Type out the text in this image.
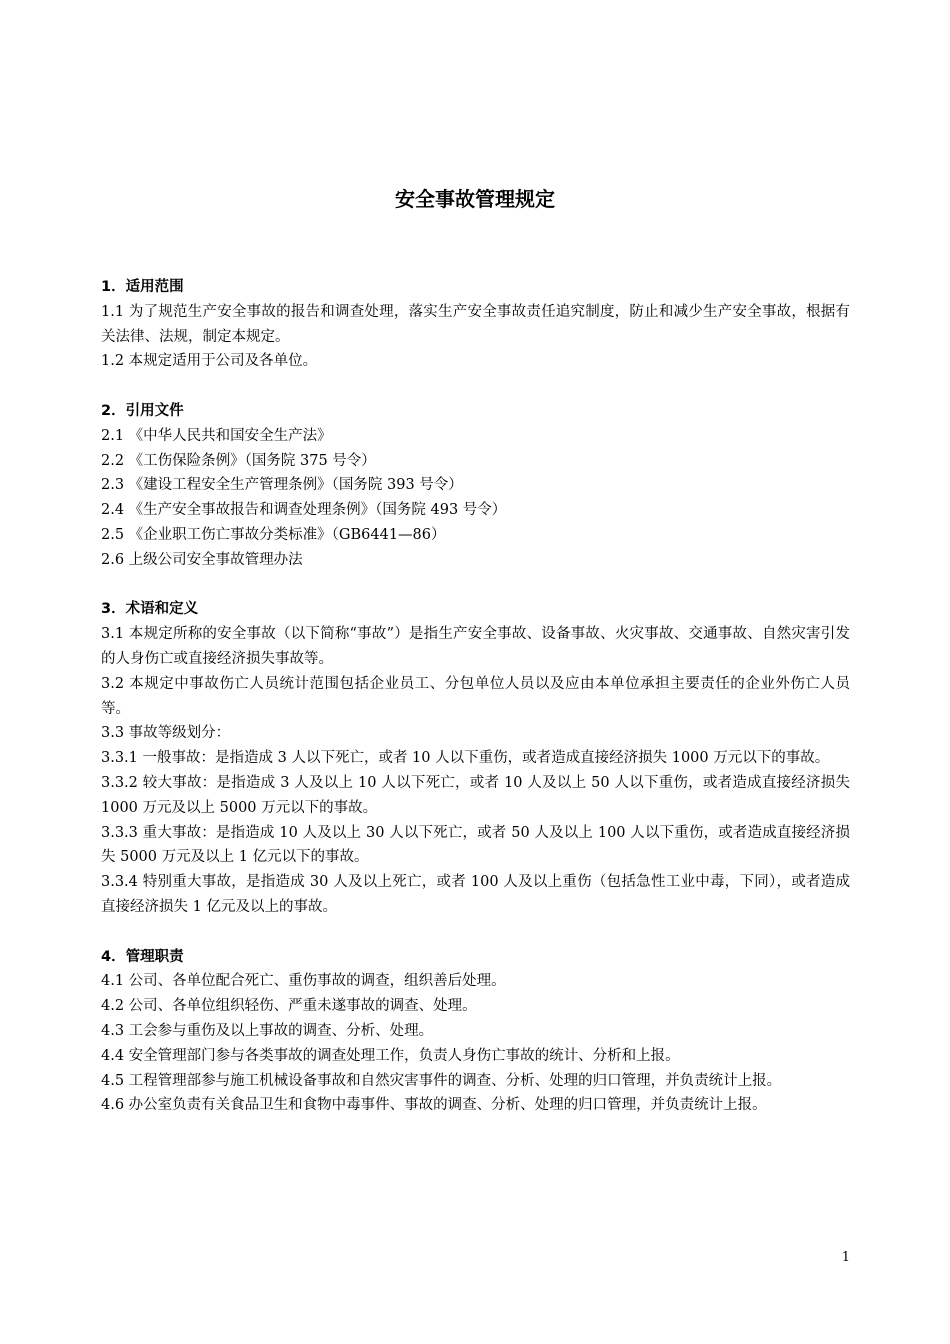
安全事故管理规定
1．适用范围
1.1 为了规范生产安全事故的报告和调查处理，落实生产安全事故责任追究制度，防止和减少生产安全事故，根据有关法律、法规，制定本规定。
1.2 本规定适用于公司及各单位。
2．引用文件
2.1 《中华人民共和国安全生产法》
2.2 《工伤保险条例》（国务院 375 号令）
2.3 《建设工程安全生产管理条例》（国务院 393 号令）
2.4 《生产安全事故报告和调查处理条例》（国务院 493 号令）
2.5 《企业职工伤亡事故分类标准》（GB6441—86）
2.6 上级公司安全事故管理办法
3．术语和定义
3.1 本规定所称的安全事故（以下简称“事故”）是指生产安全事故、设备事故、火灾事故、交通事故、自然灾害引发的人身伤亡或直接经济损失事故等。
3.2 本规定中事故伤亡人员统计范围包括企业员工、分包单位人员以及应由本单位承担主要责任的企业外伤亡人员等。
3.3 事故等级划分：
3.3.1 一般事故：是指造成 3 人以下死亡，或者 10 人以下重伤，或者造成直接经济损失 1000 万元以下的事故。
3.3.2 较大事故：是指造成 3 人及以上 10 人以下死亡，或者 10 人及以上 50 人以下重伤，或者造成直接经济损失 1000 万元及以上 5000 万元以下的事故。
3.3.3 重大事故：是指造成 10 人及以上 30 人以下死亡，或者 50 人及以上 100 人以下重伤，或者造成直接经济损失 5000 万元及以上 1 亿元以下的事故。
3.3.4 特别重大事故，是指造成 30 人及以上死亡，或者 100 人及以上重伤（包括急性工业中毒，下同），或者造成直接经济损失 1 亿元及以上的事故。
4．管理职责
4.1 公司、各单位配合死亡、重伤事故的调查，组织善后处理。
4.2 公司、各单位组织轻伤、严重未遂事故的调查、处理。
4.3 工会参与重伤及以上事故的调查、分析、处理。
4.4 安全管理部门参与各类事故的调查处理工作，负责人身伤亡事故的统计、分析和上报。
4.5 工程管理部参与施工机械设备事故和自然灾害事件的调查、分析、处理的归口管理，并负责统计上报。
4.6 办公室负责有关食品卫生和食物中毒事件、事故的调查、分析、处理的归口管理，并负责统计上报。
1
